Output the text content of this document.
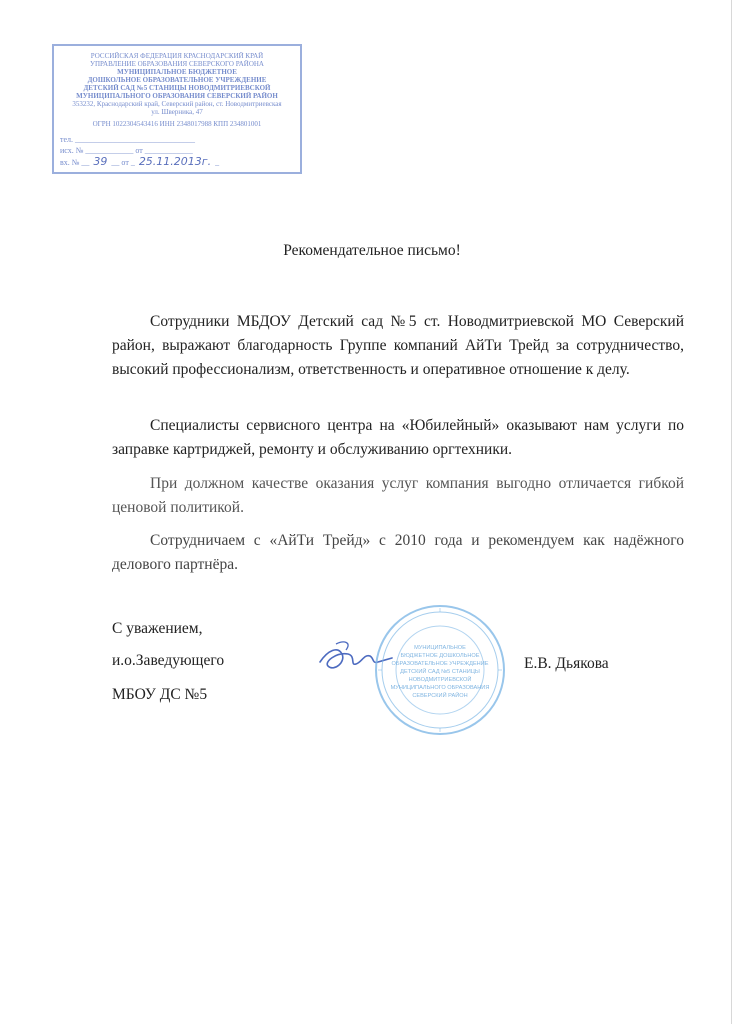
РОССИЙСКАЯ ФЕДЕРАЦИЯ КРАСНОДАРСКИЙ КРАЙ
УПРАВЛЕНИЕ ОБРАЗОВАНИЯ СЕВЕРСКОГО РАЙОНА
МУНИЦИПАЛЬНОЕ БЮДЖЕТНОЕ
ДОШКОЛЬНОЕ ОБРАЗОВАТЕЛЬНОЕ УЧРЕЖДЕНИЕ
ДЕТСКИЙ САД №5 СТАНИЦЫ НОВОДМИТРИЕВСКОЙ
МУНИЦИПАЛЬНОГО ОБРАЗОВАНИЯ СЕВЕРСКИЙ РАЙОН
353232, Краснодарский край, Северский район, ст. Новодмитриевская
ул. Шверника, 47
ОГРН 1022304543416 ИНН 2348017988 КПП 234801001
тел. ______________________________
исх. № ____________ от ____________
вх. № __ 39 __ от _ 25.11.2013г. _
Рекомендательное письмо!
Сотрудники МБДОУ Детский сад №5 ст. Новодмитриевской МО Северский район, выражают благодарность Группе компаний АйТи Трейд за сотрудничество, высокий профессионализм, ответственность и оперативное отношение к делу.
Специалисты сервисного центра на «Юбилейный» оказывают нам услуги по заправке картриджей, ремонту и обслуживанию оргтехники.
При должном качестве оказания услуг компания выгодно отличается гибкой ценовой политикой.
Сотрудничаем с «АйТи Трейд» с 2010 года и рекомендуем как надёжного делового партнёра.
С уважением,
и.о.Заведующего
МБОУ ДС №5
Е.В. Дьякова
МУНИЦИПАЛЬНОЕ
БЮДЖЕТНОЕ ДОШКОЛЬНОЕ
ОБРАЗОВАТЕЛЬНОЕ УЧРЕЖДЕНИЕ
ДЕТСКИЙ САД №5 СТАНИЦЫ
НОВОДМИТРИЕВСКОЙ
МУНИЦИПАЛЬНОГО ОБРАЗОВАНИЯ
СЕВЕРСКИЙ РАЙОН
